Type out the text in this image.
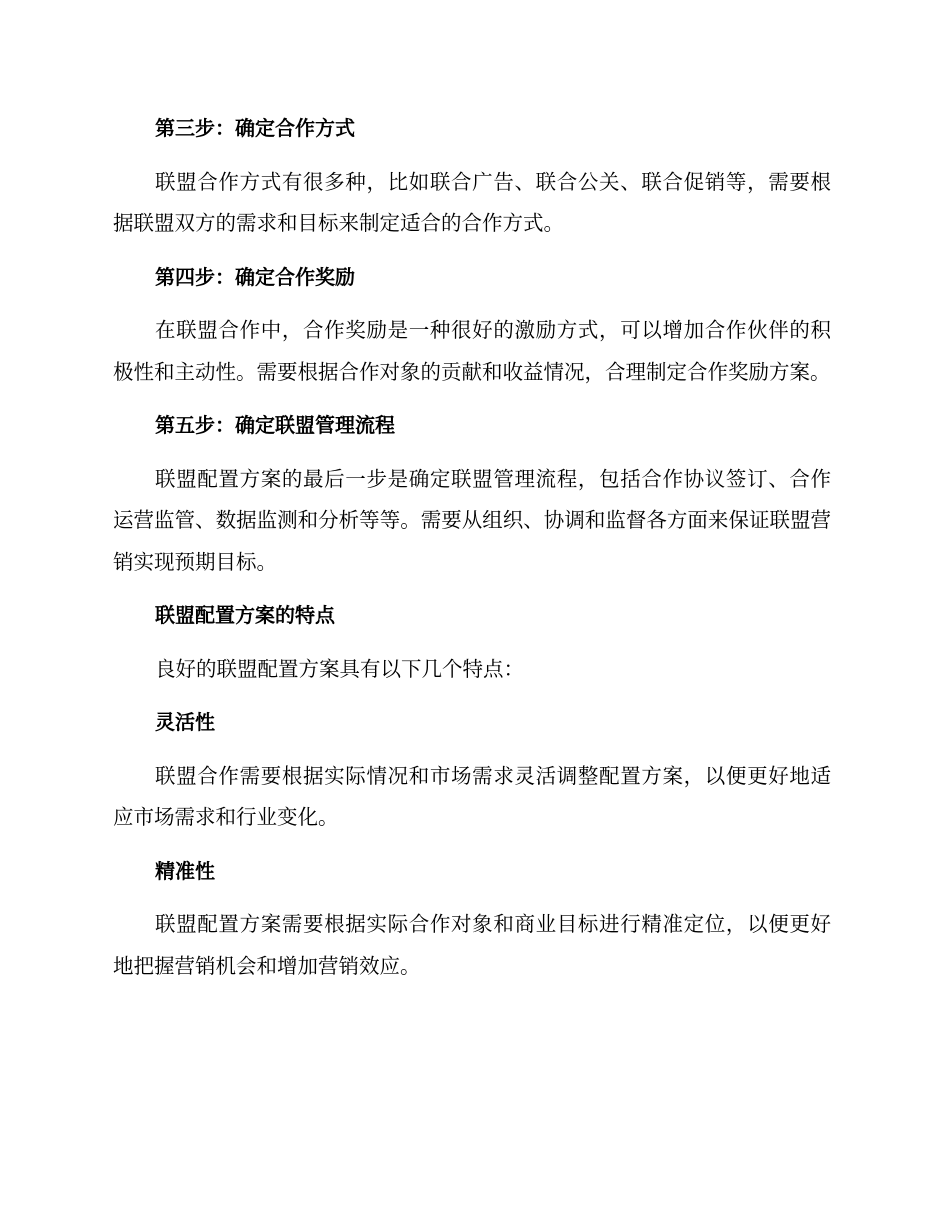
第三步：确定合作方式

联盟合作方式有很多种，比如联合广告、联合公关、联合促销等，需要根据联盟双方的需求和目标来制定适合的合作方式。

第四步：确定合作奖励

在联盟合作中，合作奖励是一种很好的激励方式，可以增加合作伙伴的积极性和主动性。需要根据合作对象的贡献和收益情况，合理制定合作奖励方案。

第五步：确定联盟管理流程

联盟配置方案的最后一步是确定联盟管理流程，包括合作协议签订、合作运营监管、数据监测和分析等等。需要从组织、协调和监督各方面来保证联盟营销实现预期目标。

联盟配置方案的特点

良好的联盟配置方案具有以下几个特点：

灵活性

联盟合作需要根据实际情况和市场需求灵活调整配置方案，以便更好地适应市场需求和行业变化。

精准性

联盟配置方案需要根据实际合作对象和商业目标进行精准定位，以便更好地把握营销机会和增加营销效应。
